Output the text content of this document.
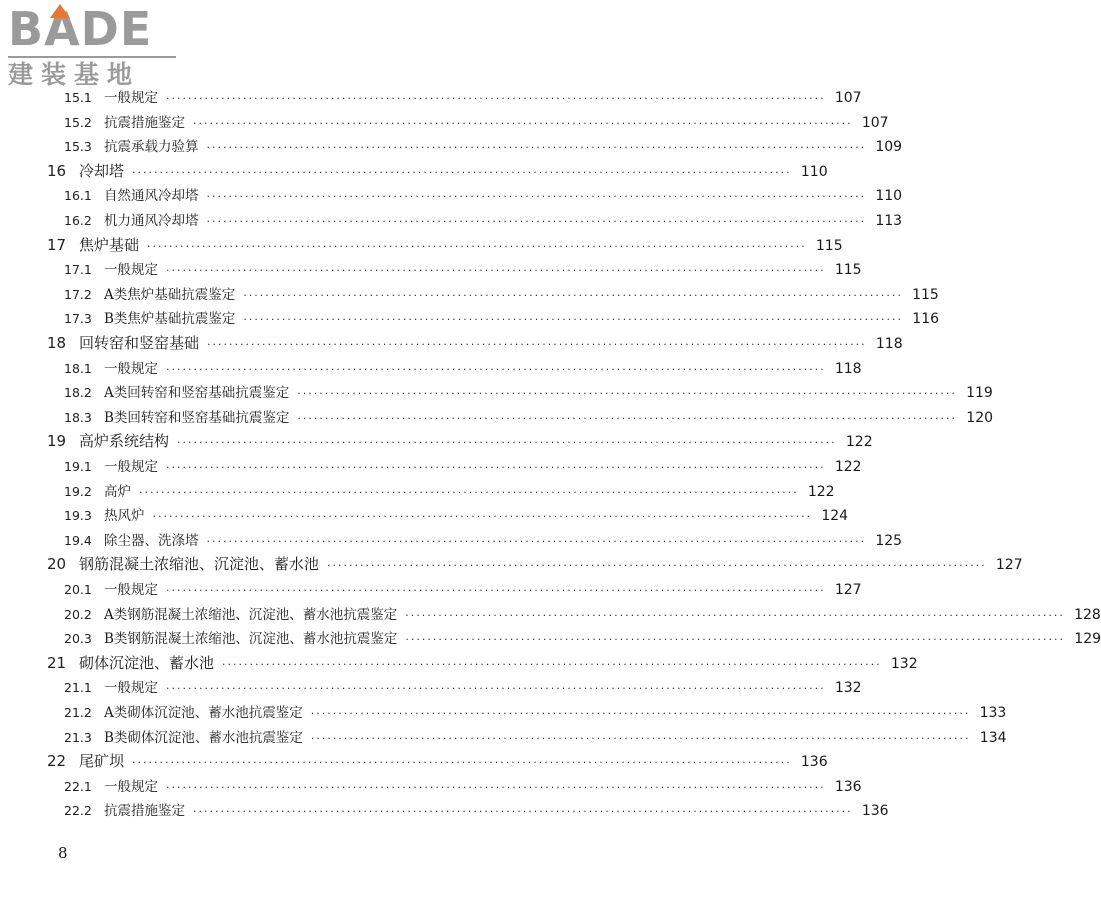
BA
DE
建装基地
15.1 一般规定 ························································································································ 107
15.2 抗震措施鉴定 ························································································································ 107
15.3 抗震承载力验算 ························································································································ 109
16 冷却塔 ························································································································ 110
16.1 自然通风冷却塔 ························································································································ 110
16.2 机力通风冷却塔 ························································································································ 113
17 焦炉基础 ························································································································ 115
17.1 一般规定 ························································································································ 115
17.2 A类焦炉基础抗震鉴定 ························································································································ 115
17.3 B类焦炉基础抗震鉴定 ························································································································ 116
18 回转窑和竖窑基础 ························································································································ 118
18.1 一般规定 ························································································································ 118
18.2 A类回转窑和竖窑基础抗震鉴定 ························································································································ 119
18.3 B类回转窑和竖窑基础抗震鉴定 ························································································································ 120
19 高炉系统结构 ························································································································ 122
19.1 一般规定 ························································································································ 122
19.2 高炉 ························································································································ 122
19.3 热风炉 ························································································································ 124
19.4 除尘器、洗涤塔 ························································································································ 125
20 钢筋混凝土浓缩池、沉淀池、蓄水池 ························································································································ 127
20.1 一般规定 ························································································································ 127
20.2 A类钢筋混凝土浓缩池、沉淀池、蓄水池抗震鉴定 ························································································································ 128
20.3 B类钢筋混凝土浓缩池、沉淀池、蓄水池抗震鉴定 ························································································································ 129
21 砌体沉淀池、蓄水池 ························································································································ 132
21.1 一般规定 ························································································································ 132
21.2 A类砌体沉淀池、蓄水池抗震鉴定 ························································································································ 133
21.3 B类砌体沉淀池、蓄水池抗震鉴定 ························································································································ 134
22 尾矿坝 ························································································································ 136
22.1 一般规定 ························································································································ 136
22.2 抗震措施鉴定 ························································································································ 136
8
